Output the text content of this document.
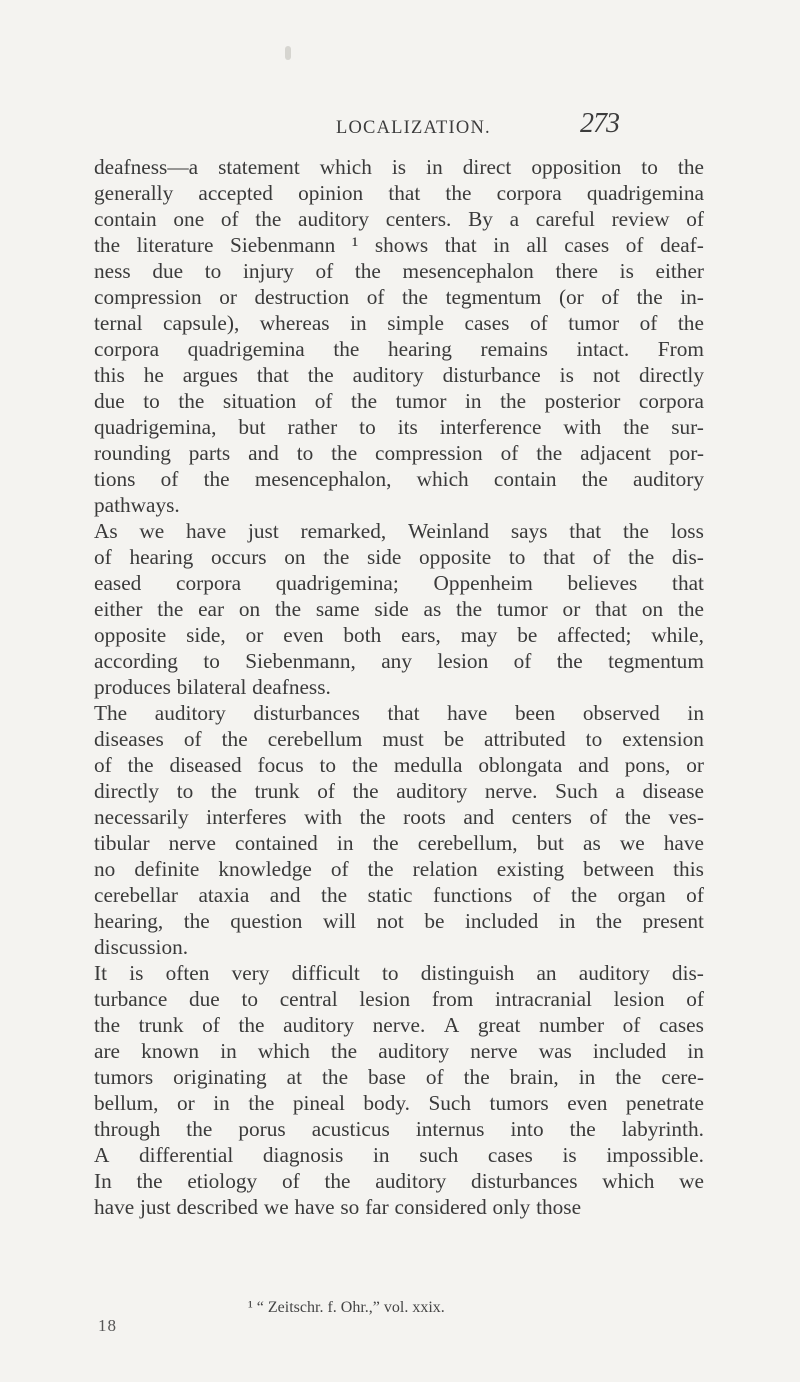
LOCALIZATION.	273
deafness—a statement which is in direct opposition to the
generally accepted opinion that the corpora quadrigemina
contain one of the auditory centers. By a careful review of
the literature Siebenmann ¹ shows that in all cases of deaf-
ness due to injury of the mesencephalon there is either
compression or destruction of the tegmentum (or of the in-
ternal capsule), whereas in simple cases of tumor of the
corpora quadrigemina the hearing remains intact. From
this he argues that the auditory disturbance is not directly
due to the situation of the tumor in the posterior corpora
quadrigemina, but rather to its interference with the sur-
rounding parts and to the compression of the adjacent por-
tions of the mesencephalon, which contain the auditory
pathways.
As we have just remarked, Weinland says that the loss
of hearing occurs on the side opposite to that of the dis-
eased corpora quadrigemina; Oppenheim believes that
either the ear on the same side as the tumor or that on the
opposite side, or even both ears, may be affected; while,
according to Siebenmann, any lesion of the tegmentum
produces bilateral deafness.
The auditory disturbances that have been observed in
diseases of the cerebellum must be attributed to extension
of the diseased focus to the medulla oblongata and pons, or
directly to the trunk of the auditory nerve. Such a disease
necessarily interferes with the roots and centers of the ves-
tibular nerve contained in the cerebellum, but as we have
no definite knowledge of the relation existing between this
cerebellar ataxia and the static functions of the organ of
hearing, the question will not be included in the present
discussion.
It is often very difficult to distinguish an auditory dis-
turbance due to central lesion from intracranial lesion of
the trunk of the auditory nerve. A great number of cases
are known in which the auditory nerve was included in
tumors originating at the base of the brain, in the cere-
bellum, or in the pineal body. Such tumors even penetrate
through the porus acusticus internus into the labyrinth.
A differential diagnosis in such cases is impossible.
In the etiology of the auditory disturbances which we
have just described we have so far considered only those
¹ “ Zeitschr. f. Ohr.,” vol. xxix.
18
